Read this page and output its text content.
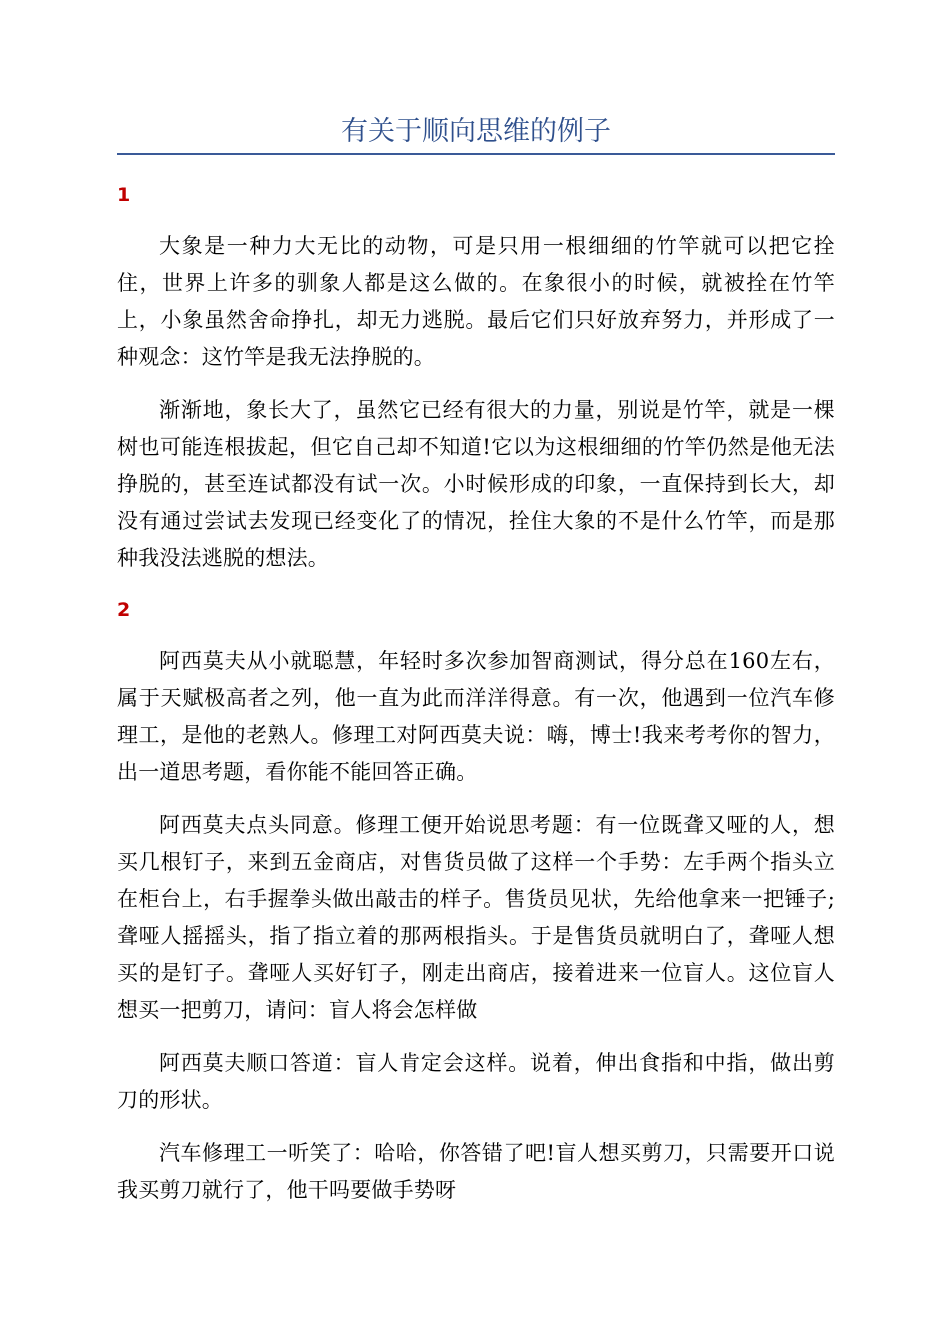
有关于顺向思维的例子
1

大象是一种力大无比的动物，可是只用一根细细的竹竿就可以把它拴住，世界上许多的驯象人都是这么做的。在象很小的时候，就被拴在竹竿上，小象虽然舍命挣扎，却无力逃脱。最后它们只好放弃努力，并形成了一种观念：这竹竿是我无法挣脱的。

渐渐地，象长大了，虽然它已经有很大的力量，别说是竹竿，就是一棵树也可能连根拔起，但它自己却不知道!它以为这根细细的竹竿仍然是他无法挣脱的，甚至连试都没有试一次。小时候形成的印象，一直保持到长大，却没有通过尝试去发现已经变化了的情况，拴住大象的不是什么竹竿，而是那种我没法逃脱的想法。

2

阿西莫夫从小就聪慧，年轻时多次参加智商测试，得分总在160左右，属于天赋极高者之列，他一直为此而洋洋得意。有一次，他遇到一位汽车修理工，是他的老熟人。修理工对阿西莫夫说：嗨，博士!我来考考你的智力，出一道思考题，看你能不能回答正确。

阿西莫夫点头同意。修理工便开始说思考题：有一位既聋又哑的人，想买几根钉子，来到五金商店，对售货员做了这样一个手势：左手两个指头立在柜台上，右手握拳头做出敲击的样子。售货员见状，先给他拿来一把锤子;聋哑人摇摇头，指了指立着的那两根指头。于是售货员就明白了，聋哑人想买的是钉子。聋哑人买好钉子，刚走出商店，接着进来一位盲人。这位盲人想买一把剪刀，请问：盲人将会怎样做

阿西莫夫顺口答道：盲人肯定会这样。说着，伸出食指和中指，做出剪刀的形状。

汽车修理工一听笑了：哈哈，你答错了吧!盲人想买剪刀，只需要开口说我买剪刀就行了，他干吗要做手势呀
